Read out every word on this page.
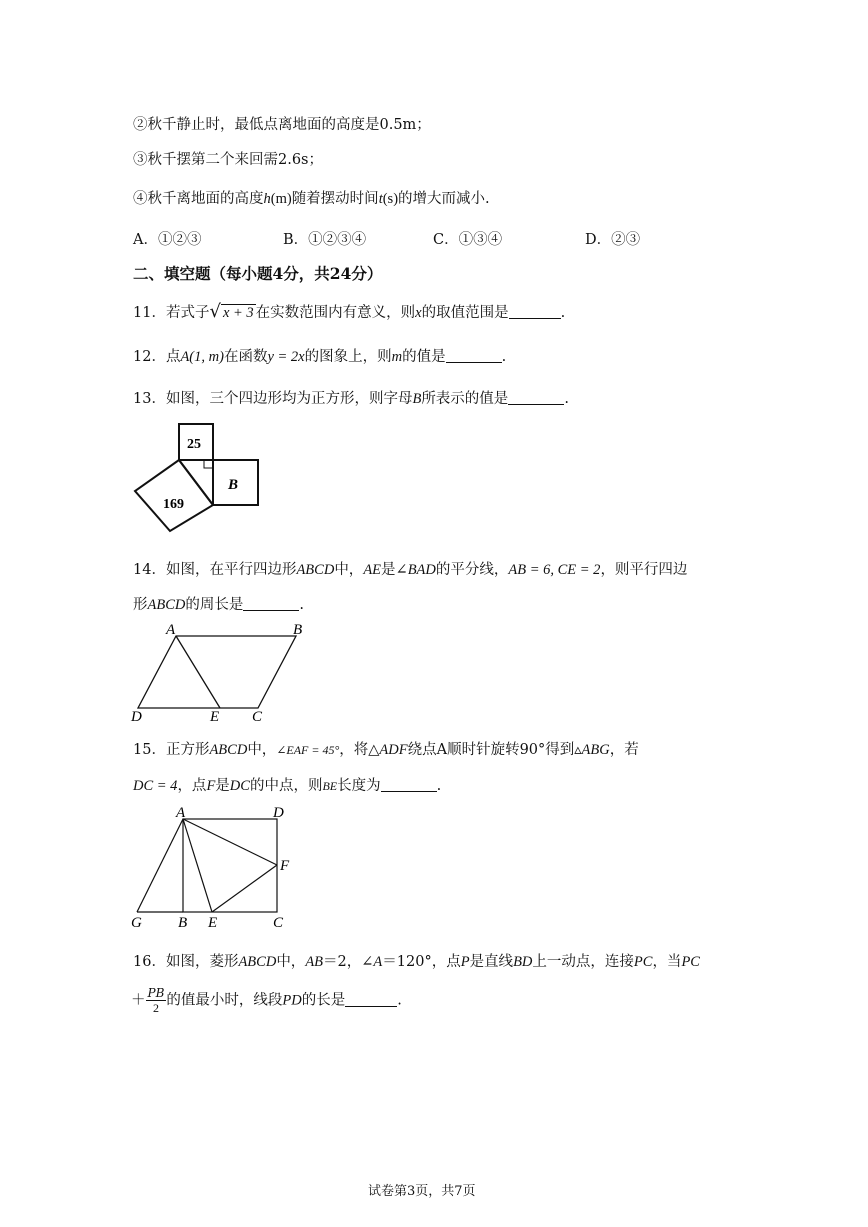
②秋千静止时，最低点离地面的高度是0.5m；
③秋千摆第二个来回需2.6s；
④秋千离地面的高度h(m)随着摆动时间t(s)的增大而减小.
A．①②③	B．①②③④	C．①③④	D．②③
二、填空题（每小题4分，共24分）
11．若式子√ x + 3 在实数范围内有意义，则x的取值范围是	.
12．点A(1, m)在函数y = 2x的图象上，则m的值是	.
13．如图，三个四边形均为正方形，则字母B所表示的值是	.
25
169
B
14．如图，在平行四边形ABCD中，AE是∠BAD的平分线，AB = 6, CE = 2，则平行四边
形ABCD的周长是	.
A	B
D	E C
15．正方形ABCD中，∠EAF = 45°，将△ADF绕点A顺时针旋转90°得到▵ABG，若
DC = 4，点F是DC的中点，则BE长度为	.
A	D
F
G B E	C
16．如图，菱形ABCD中，AB＝2，∠A＝120°，点P是直线BD上一动点，连接PC，当PC
＋ $\frac{PB}{2}$ 的值最小时，线段PD的长是	.
试卷第3页，共7页
